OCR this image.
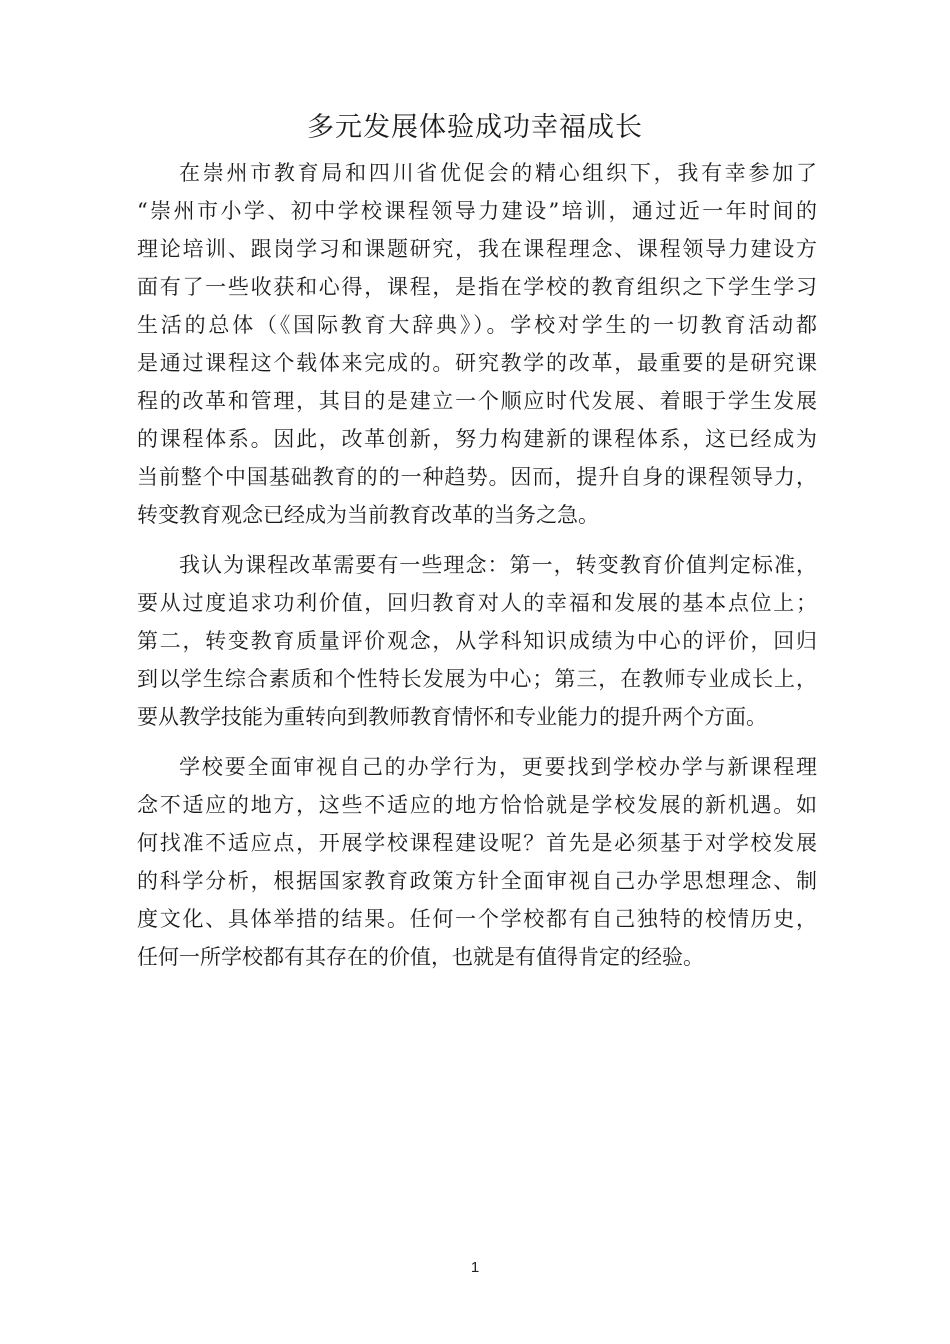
多元发展体验成功幸福成长
在崇州市教育局和四川省优促会的精心组织下，我有幸参加了
“崇州市小学、初中学校课程领导力建设”培训，通过近一年时间的
理论培训、跟岗学习和课题研究，我在课程理念、课程领导力建设方
面有了一些收获和心得，课程，是指在学校的教育组织之下学生学习
生活的总体（《国际教育大辞典》）。学校对学生的一切教育活动都
是通过课程这个载体来完成的。研究教学的改革，最重要的是研究课
程的改革和管理，其目的是建立一个顺应时代发展、着眼于学生发展
的课程体系。因此，改革创新，努力构建新的课程体系，这已经成为
当前整个中国基础教育的的一种趋势。因而，提升自身的课程领导力，
转变教育观念已经成为当前教育改革的当务之急。
我认为课程改革需要有一些理念：第一，转变教育价值判定标准，
要从过度追求功利价值，回归教育对人的幸福和发展的基本点位上；
第二，转变教育质量评价观念，从学科知识成绩为中心的评价，回归
到以学生综合素质和个性特长发展为中心；第三，在教师专业成长上，
要从教学技能为重转向到教师教育情怀和专业能力的提升两个方面。
学校要全面审视自己的办学行为，更要找到学校办学与新课程理
念不适应的地方，这些不适应的地方恰恰就是学校发展的新机遇。如
何找准不适应点，开展学校课程建设呢？首先是必须基于对学校发展
的科学分析，根据国家教育政策方针全面审视自己办学思想理念、制
度文化、具体举措的结果。任何一个学校都有自己独特的校情历史，
任何一所学校都有其存在的价值，也就是有值得肯定的经验。
1
